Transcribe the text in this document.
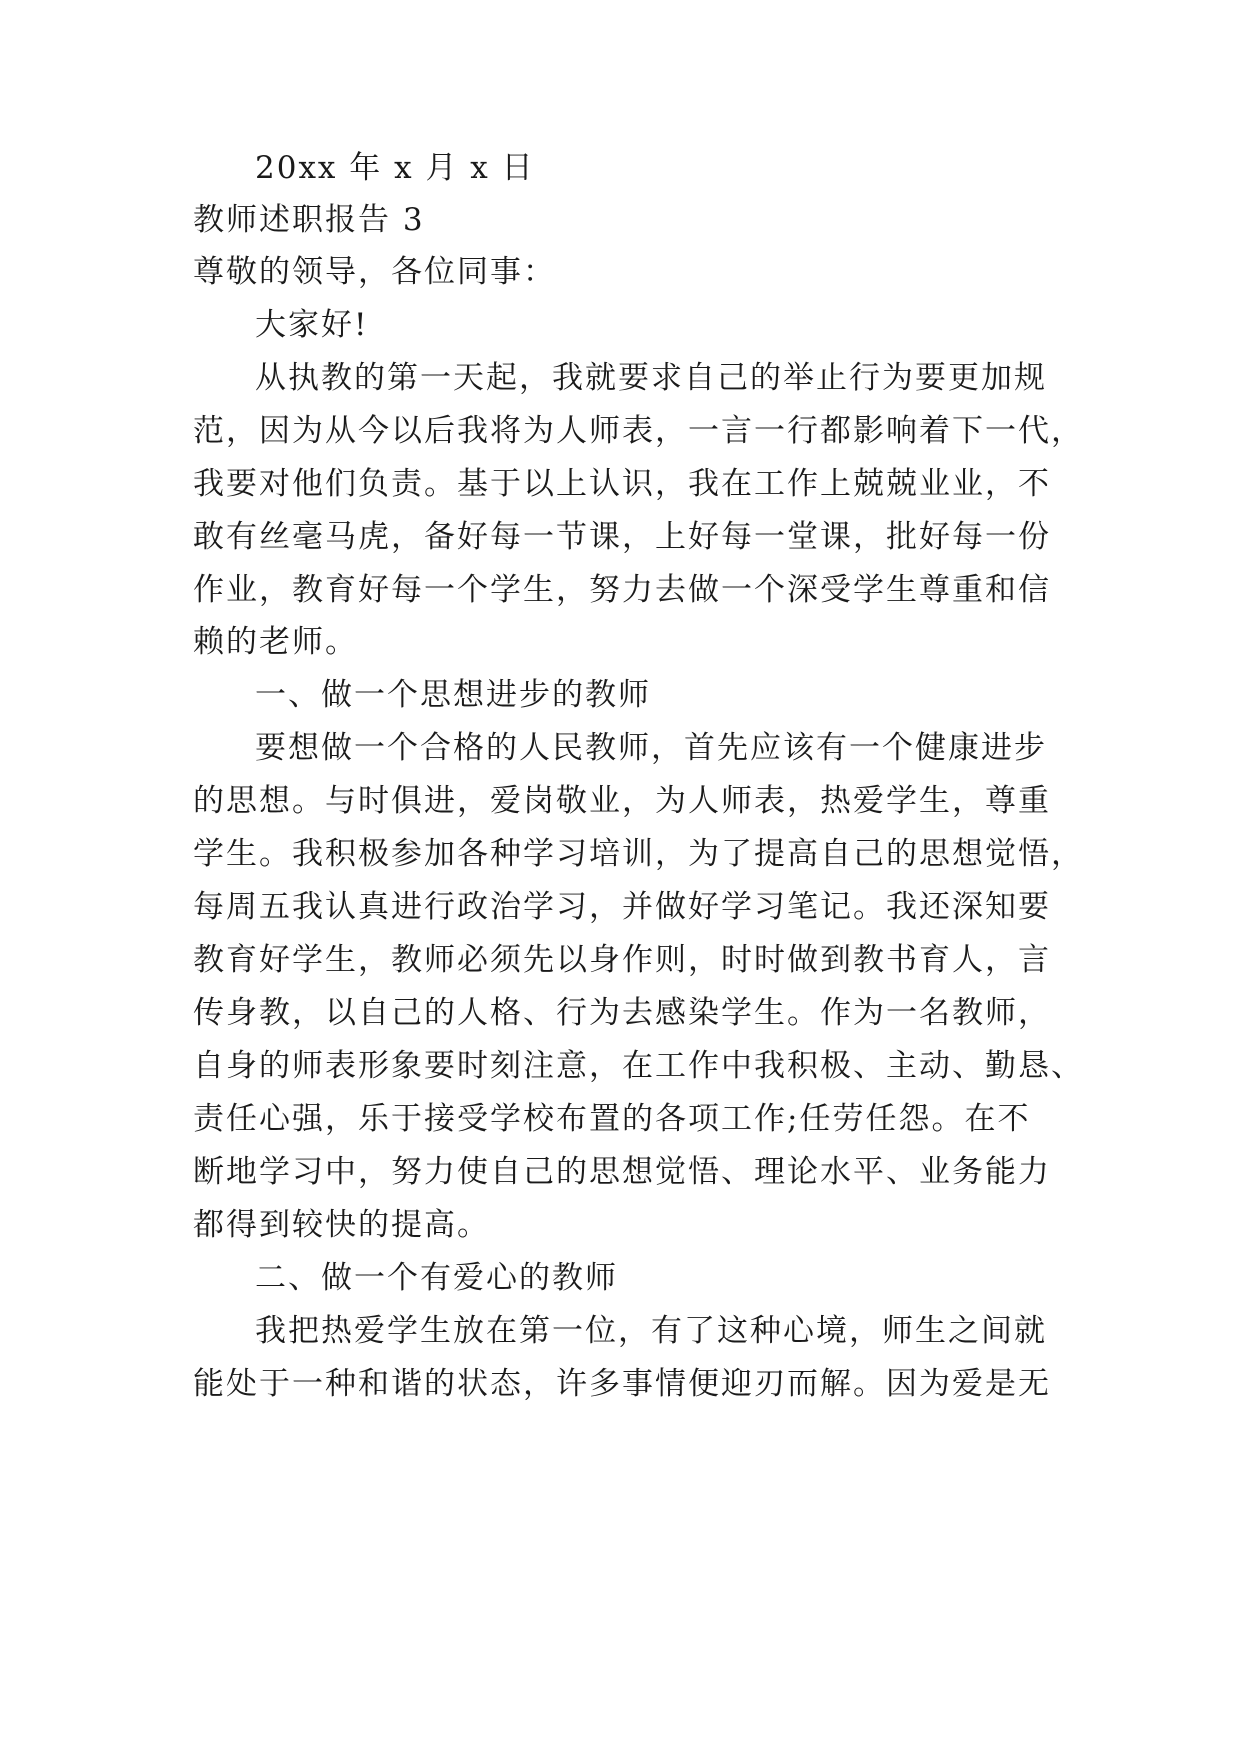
20xx 年 x 月 x 日
教师述职报告 3
尊敬的领导，各位同事：
大家好!
从执教的第一天起，我就要求自己的举止行为要更加规
范，因为从今以后我将为人师表，一言一行都影响着下一代，
我要对他们负责。基于以上认识，我在工作上兢兢业业，不
敢有丝毫马虎，备好每一节课，上好每一堂课，批好每一份
作业，教育好每一个学生，努力去做一个深受学生尊重和信
赖的老师。
一、做一个思想进步的教师
要想做一个合格的人民教师，首先应该有一个健康进步
的思想。与时俱进，爱岗敬业，为人师表，热爱学生，尊重
学生。我积极参加各种学习培训，为了提高自己的思想觉悟，
每周五我认真进行政治学习，并做好学习笔记。我还深知要
教育好学生，教师必须先以身作则，时时做到教书育人，言
传身教，以自己的人格、行为去感染学生。作为一名教师，
自身的师表形象要时刻注意，在工作中我积极、主动、勤恳、
责任心强，乐于接受学校布置的各项工作;任劳任怨。在不
断地学习中，努力使自己的思想觉悟、理论水平、业务能力
都得到较快的提高。
二、做一个有爱心的教师
我把热爱学生放在第一位，有了这种心境，师生之间就
能处于一种和谐的状态，许多事情便迎刃而解。因为爱是无
